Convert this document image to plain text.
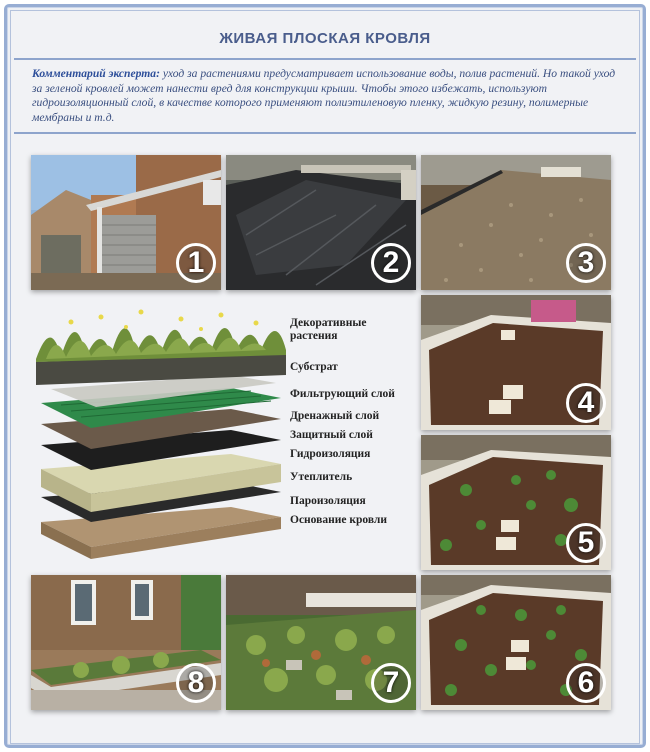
ЖИВАЯ ПЛОСКАЯ КРОВЛЯ
Комментарий эксперта: уход за растениями предусматривает использование воды, полив растений. Но такой уход за зеленой кровлей может нанести вред для конструкции крыши. Чтобы этого избежать, используют гидроизоляционный слой, в качестве которого применяют полиэтиленовую пленку, жидкую резину, полимерные мембраны и т.д.
1	2	3
Декоративные растения
Субстрат
Фильтрующий слой
Дренажный слой
Защитный слой
Гидроизоляция
Утеплитель
Пароизоляция
Основание кровли
4
5
8	7	6
